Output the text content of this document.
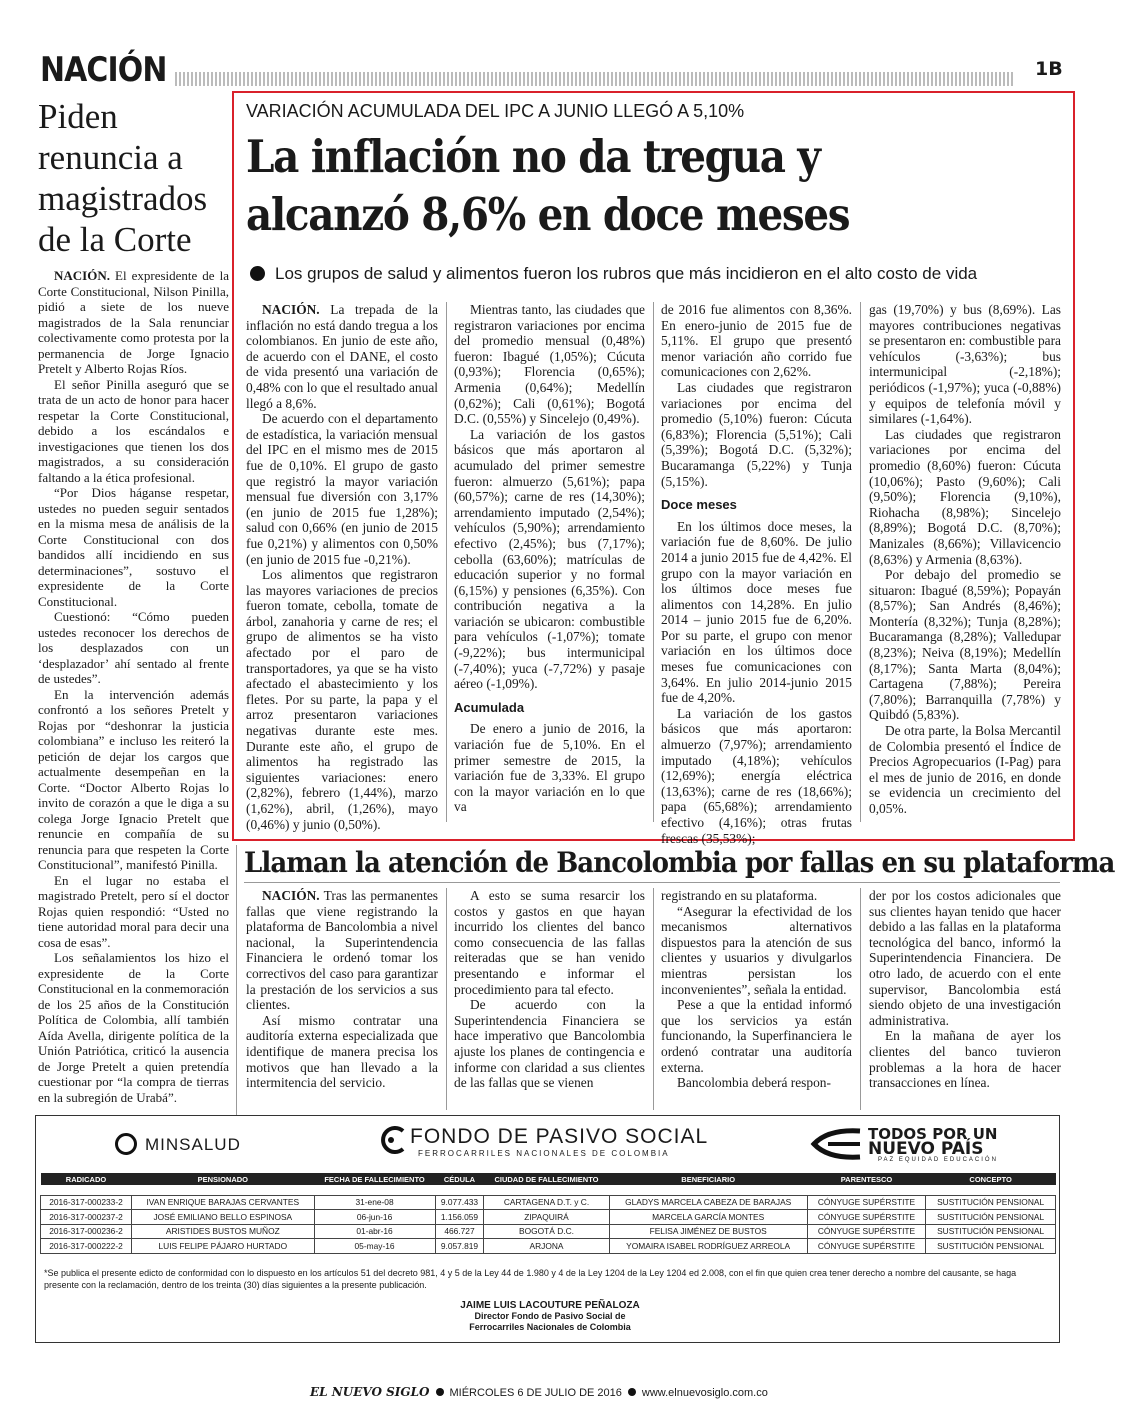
NACIÓN	1B
Piden renuncia a magistrados de la Corte

NACIÓN. El expresidente de la Corte Constitucional, Nilson Pinilla, pidió a siete de los nueve magistrados de la Sala renunciar colectivamente como protesta por la permanencia de Jorge Ignacio Pretelt y Alberto Rojas Ríos.

El señor Pinilla aseguró que se trata de un acto de honor para hacer respetar la Corte Constitucional, debido a los escándalos e investigaciones que tienen los dos magistrados, a su consideración faltando a la ética profesional.

“Por Dios háganse respetar, ustedes no pueden seguir sentados en la misma mesa de análisis de la Corte Constitucional con dos bandidos allí incidiendo en sus determinaciones”, sostuvo el expresidente de la Corte Constitucional.

Cuestionó: “Cómo pueden ustedes reconocer los derechos de los desplazados con un ‘desplazador’ ahí sentado al frente de ustedes”.

En la intervención además confrontó a los señores Pretelt y Rojas por “deshonrar la justicia colombiana” e incluso les reiteró la petición de dejar los cargos que actualmente desempeñan en la Corte. “Doctor Alberto Rojas lo invito de corazón a que le diga a su colega Jorge Ignacio Pretelt que renuncie en compañía de su renuncia para que respeten la Corte Constitucional”, manifestó Pinilla.

En el lugar no estaba el magistrado Pretelt, pero sí el doctor Rojas quien respondió: “Usted no tiene autoridad moral para decir una cosa de esas”.

Los señalamientos los hizo el expresidente de la Corte Constitucional en la conmemoración de los 25 años de la Constitución Política de Colombia, allí también Aída Avella, dirigente política de la Unión Patriótica, criticó la ausencia de Jorge Pretelt a quien pretendía cuestionar por “la compra de tierras en la subregión de Urabá”.

VARIACIÓN ACUMULADA DEL IPC A JUNIO LLEGÓ A 5,10%
La inflación no da tregua y alcanzó 8,6% en doce meses
Los grupos de salud y alimentos fueron los rubros que más incidieron en el alto costo de vida

NACIÓN. La trepada de la inflación no está dando tregua a los colombianos. En junio de este año, de acuerdo con el DANE, el costo de vida presentó una variación de 0,48% con lo que el resultado anual llegó a 8,6%.

De acuerdo con el departamento de estadística, la variación mensual del IPC en el mismo mes de 2015 fue de 0,10%. El grupo de gasto que registró la mayor variación mensual fue diversión con 3,17% (en junio de 2015 fue 1,28%); salud con 0,66% (en junio de 2015 fue 0,21%) y alimentos con 0,50% (en junio de 2015 fue -0,21%).

Los alimentos que registraron las mayores variaciones de precios fueron tomate, cebolla, tomate de árbol, zanahoria y carne de res; el grupo de alimentos se ha visto afectado por el paro de transportadores, ya que se ha visto afectado el abastecimiento y los fletes. Por su parte, la papa y el arroz presentaron variaciones negativas durante este mes. Durante este año, el grupo de alimentos ha registrado las siguientes variaciones: enero (2,82%), febrero (1,44%), marzo (1,62%), abril, (1,26%), mayo (0,46%) y junio (0,50%).

Mientras tanto, las ciudades que registraron variaciones por encima del promedio mensual (0,48%) fueron: Ibagué (1,05%); Cúcuta (0,93%); Florencia (0,65%); Armenia (0,64%); Medellín (0,62%); Cali (0,61%); Bogotá D.C. (0,55%) y Sincelejo (0,49%).

La variación de los gastos básicos que más aportaron al acumulado del primer semestre fueron: almuerzo (5,61%); papa (60,57%); carne de res (14,30%); arrendamiento imputado (2,54%); vehículos (5,90%); arrendamiento efectivo (2,45%); bus (7,17%); cebolla (63,60%); matrículas de educación superior y no formal (6,15%) y pensiones (6,35%). Con contribución negativa a la variación se ubicaron: combustible para vehículos (-1,07%); tomate (-9,22%); bus intermunicipal (-7,40%); yuca (-7,72%) y pasaje aéreo (-1,09%).

Acumulada

De enero a junio de 2016, la variación fue de 5,10%. En el primer semestre de 2015, la variación fue de 3,33%. El grupo con la mayor variación en lo que va

de 2016 fue alimentos con 8,36%. En enero-junio de 2015 fue de 5,11%. El grupo que presentó menor variación año corrido fue comunicaciones con 2,62%.

Las ciudades que registraron variaciones por encima del promedio (5,10%) fueron: Cúcuta (6,83%); Florencia (5,51%); Cali (5,39%); Bogotá D.C. (5,32%); Bucaramanga (5,22%) y Tunja (5,15%).

Doce meses

En los últimos doce meses, la variación fue de 8,60%. De julio 2014 a junio 2015 fue de 4,42%. El grupo con la mayor variación en los últimos doce meses fue alimentos con 14,28%. En julio 2014 – junio 2015 fue de 6,20%. Por su parte, el grupo con menor variación en los últimos doce meses fue comunicaciones con 3,64%. En julio 2014-junio 2015 fue de 4,20%.

La variación de los gastos básicos que más aportaron: almuerzo (7,97%); arrendamiento imputado (4,18%); vehículos (12,69%); energía eléctrica (13,63%); carne de res (18,66%); papa (65,68%); arrendamiento efectivo (4,16%); otras frutas frescas (35,53%);

gas (19,70%) y bus (8,69%). Las mayores contribuciones negativas se presentaron en: combustible para vehículos (-3,63%); bus intermunicipal (-2,18%); periódicos (-1,97%); yuca (-0,88%) y equipos de telefonía móvil y similares (-1,64%).

Las ciudades que registraron variaciones por encima del promedio (8,60%) fueron: Cúcuta (10,06%); Pasto (9,60%); Cali (9,50%); Florencia (9,10%), Riohacha (8,98%); Sincelejo (8,89%); Bogotá D.C. (8,70%); Manizales (8,66%); Villavicencio (8,63%) y Armenia (8,63%).

Por debajo del promedio se situaron: Ibagué (8,59%); Popayán (8,57%); San Andrés (8,46%); Montería (8,32%); Tunja (8,28%); Bucaramanga (8,28%); Valledupar (8,23%); Neiva (8,19%); Medellín (8,17%); Santa Marta (8,04%); Cartagena (7,88%); Pereira (7,80%); Barranquilla (7,78%) y Quibdó (5,83%).

De otra parte, la Bolsa Mercantil de Colombia presentó el Índice de Precios Agropecuarios (I-Pag) para el mes de junio de 2016, en donde se evidencia un crecimiento del 0,05%.

Llaman la atención de Bancolombia por fallas en su plataforma

NACIÓN. Tras las permanentes fallas que viene registrando la plataforma de Bancolombia a nivel nacional, la Superintendencia Financiera le ordenó tomar los correctivos del caso para garantizar la prestación de los servicios a sus clientes.

Así mismo contratar una auditoría externa especializada que identifique de manera precisa los motivos que han llevado a la intermitencia del servicio.

A esto se suma resarcir los costos y gastos en que hayan incurrido los clientes del banco como consecuencia de las fallas reiteradas que se han venido presentando e informar el procedimiento para tal efecto.

De acuerdo con la Superintendencia Financiera se hace imperativo que Bancolombia ajuste los planes de contingencia e informe con claridad a sus clientes de las fallas que se vienen

registrando en su plataforma.

“Asegurar la efectividad de los mecanismos alternativos dispuestos para la atención de sus clientes y usuarios y divulgarlos mientras persistan los inconvenientes”, señala la entidad.

Pese a que la entidad informó que los servicios ya están funcionando, la Superfinanciera le ordenó contratar una auditoría externa.

Bancolombia deberá respon-

der por los costos adicionales que sus clientes hayan tenido que hacer debido a las fallas en la plataforma tecnológica del banco, informó la Superintendencia Financiera. De otro lado, de acuerdo con el ente supervisor, Bancolombia está siendo objeto de una investigación administrativa.

En la mañana de ayer los clientes del banco tuvieron problemas a la hora de hacer transacciones en línea.

MINSALUD	FONDO DE PASIVO SOCIAL
FERROCARRILES NACIONALES DE COLOMBIA
TODOS POR UN
NUEVO PAÍS
PAZ EQUIDAD EDUCACIÓN
RADICADO	PENSIONADO	FECHA DE FALLECIMIENTO	CÉDULA	CIUDAD DE FALLECIMIENTO	BENEFICIARIO	PARENTESCO	CONCEPTO

2016-317-000233-2	IVAN ENRIQUE BARAJAS CERVANTES	31-ene-08	9.077.433	CARTAGENA D.T. y C.	GLADYS MARCELA CABEZA DE BARAJAS	CÓNYUGE SUPÉRSTITE	SUSTITUCIÓN PENSIONAL
2016-317-000237-2	JOSÉ EMILIANO BELLO ESPINOSA	06-jun-16	1.156.059	ZIPAQUIRÁ	MARCELA GARCÍA MONTES	CÓNYUGE SUPÉRSTITE	SUSTITUCIÓN PENSIONAL
2016-317-000236-2	ARISTIDES BUSTOS MUÑOZ	01-abr-16	466.727	BOGOTÁ D.C.	FELISA JIMÉNEZ DE BUSTOS	CÓNYUGE SUPÉRSTITE	SUSTITUCIÓN PENSIONAL
2016-317-000222-2	LUIS FELIPE PÁJARO HURTADO	05-may-16	9.057.819	ARJONA	YOMAIRA ISABEL RODRÍGUEZ ARREOLA	CÓNYUGE SUPÉRSTITE	SUSTITUCIÓN PENSIONAL
*Se publica el presente edicto de conformidad con lo dispuesto en los artículos 51 del decreto 981, 4 y 5 de la Ley 44 de 1.980 y 4 de la Ley 1204 de la Ley 1204 ed 2.008, con el fin que quien crea tener derecho a nombre del causante, se haga presente con la reclamación, dentro de los treinta (30) días siguientes a la presente publicación.
JAIME LUIS LACOUTURE PEÑALOZA
Director Fondo de Pasivo Social de
Ferrocarriles Nacionales de Colombia
EL NUEVO SIGLO MIÉRCOLES 6 DE JULIO DE 2016 www.elnuevosiglo.com.co
